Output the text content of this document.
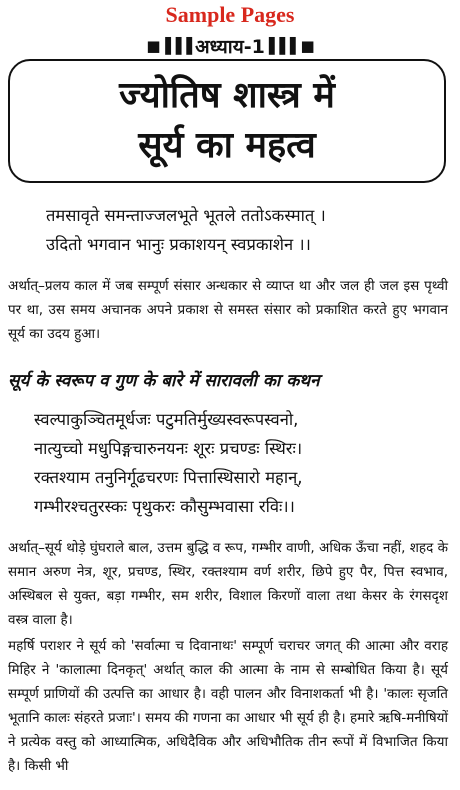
Sample Pages
■▐▐▐ अध्याय-1 ▌▌▌■
ज्योतिष शास्त्र में
सूर्य का महत्व
तमसावृते समन्ताज्जलभूते भूतले ततोऽकस्मात् ।
उदितो भगवान भानुः प्रकाशयन् स्वप्रकाशेन ।।
अर्थात्–प्रलय काल में जब सम्पूर्ण संसार अन्धकार से व्याप्त था और जल ही जल इस पृथ्वी पर था, उस समय अचानक अपने प्रकाश से समस्त संसार को प्रकाशित करते हुए भगवान सूर्य का उदय हुआ।
सूर्य के स्वरूप व गुण के बारे में सारावली का कथन
स्वल्पाकुञ्चितमूर्धजः पटुमतिर्मुख्यस्वरूपस्वनो,
नात्युच्चो मधुपिङ्गचारुनयनः शूरः प्रचण्डः स्थिरः।
रक्तश्याम तनुनिर्गूढचरणः पित्तास्थिसारो महान्,
गम्भीरश्चतुरस्कः पृथुकरः कौसुम्भवासा रविः।।
अर्थात्–सूर्य थोड़े घुंघराले बाल, उत्तम बुद्धि व रूप, गम्भीर वाणी, अधिक ऊँचा नहीं, शहद के समान अरुण नेत्र, शूर, प्रचण्ड, स्थिर, रक्तश्याम वर्ण शरीर, छिपे हुए पैर, पित्त स्वभाव, अस्थिबल से युक्त, बड़ा गम्भीर, सम शरीर, विशाल किरणों वाला तथा केसर के रंगसदृश वस्त्र वाला है।
महर्षि पराशर ने सूर्य को 'सर्वात्मा च दिवानाथः' सम्पूर्ण चराचर जगत् की आत्मा और वराह मिहिर ने 'कालात्मा दिनकृत्' अर्थात् काल की आत्मा के नाम से सम्बोधित किया है। सूर्य सम्पूर्ण प्राणियों की उत्पत्ति का आधार है। वही पालन और विनाशकर्ता भी है। 'कालः सृजति भूतानि कालः संहरते प्रजाः'। समय की गणना का आधार भी सूर्य ही है। हमारे ऋषि-मनीषियों ने प्रत्येक वस्तु को आध्यात्मिक, अधिदैविक और अधिभौतिक तीन रूपों में विभाजित किया है। किसी भी
